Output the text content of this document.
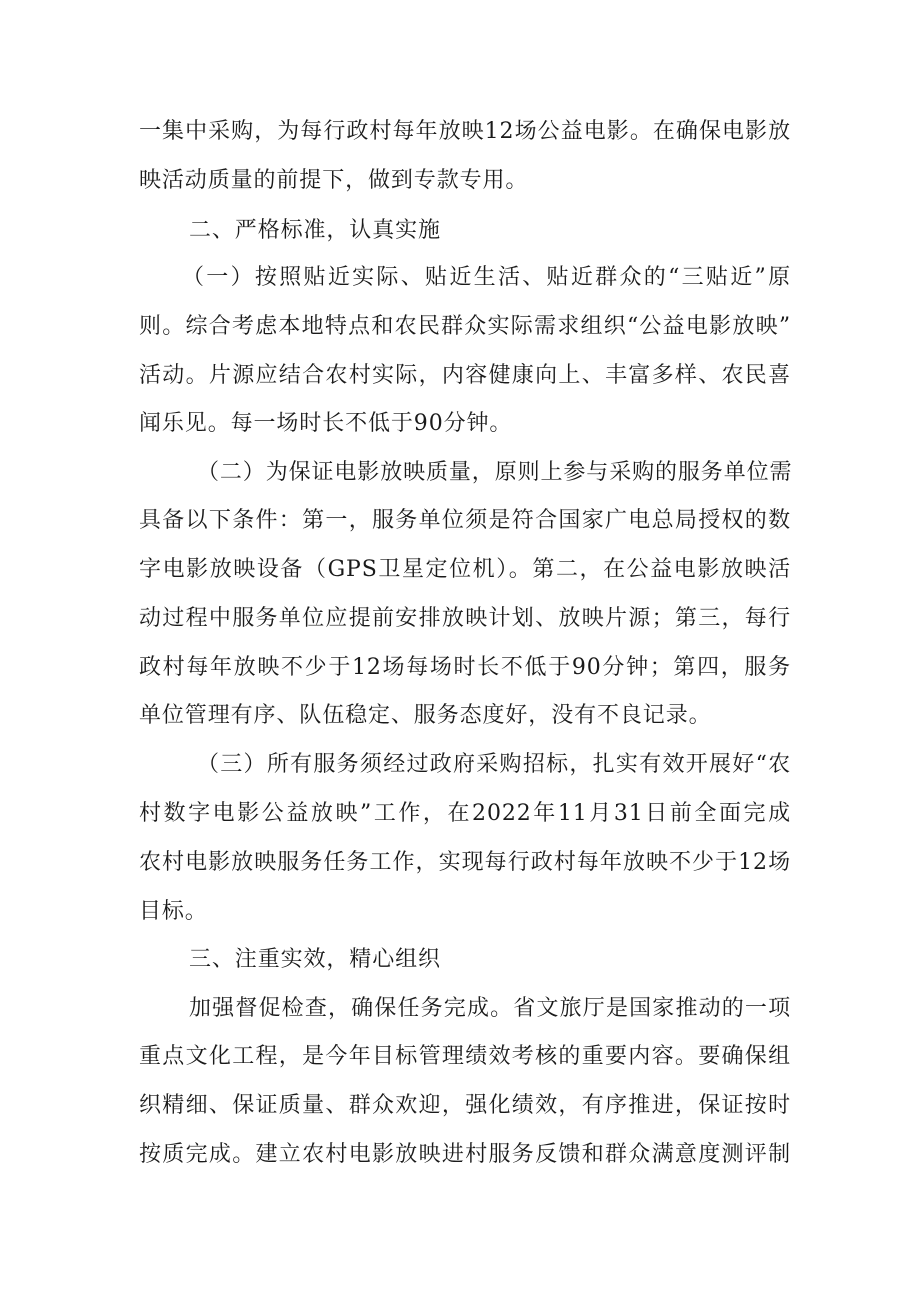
一集中采购，为每行政村每年放映12场公益电影。在确保电影放

映活动质量的前提下，做到专款专用。

二、严格标准，认真实施

（一）按照贴近实际、贴近生活、贴近群众的“三贴近”原

则。综合考虑本地特点和农民群众实际需求组织“公益电影放映”

活动。片源应结合农村实际，内容健康向上、丰富多样、农民喜

闻乐见。每一场时长不低于90分钟。

（二）为保证电影放映质量，原则上参与采购的服务单位需

具备以下条件：第一，服务单位须是符合国家广电总局授权的数

字电影放映设备（GPS卫星定位机）。第二，在公益电影放映活

动过程中服务单位应提前安排放映计划、放映片源；第三，每行

政村每年放映不少于12场每场时长不低于90分钟；第四，服务

单位管理有序、队伍稳定、服务态度好，没有不良记录。

（三）所有服务须经过政府采购招标，扎实有效开展好“农

村数字电影公益放映”工作，在2022年11月31日前全面完成

农村电影放映服务任务工作，实现每行政村每年放映不少于12场

目标。

三、注重实效，精心组织

加强督促检查，确保任务完成。省文旅厅是国家推动的一项

重点文化工程，是今年目标管理绩效考核的重要内容。要确保组

织精细、保证质量、群众欢迎，强化绩效，有序推进，保证按时

按质完成。建立农村电影放映进村服务反馈和群众满意度测评制
